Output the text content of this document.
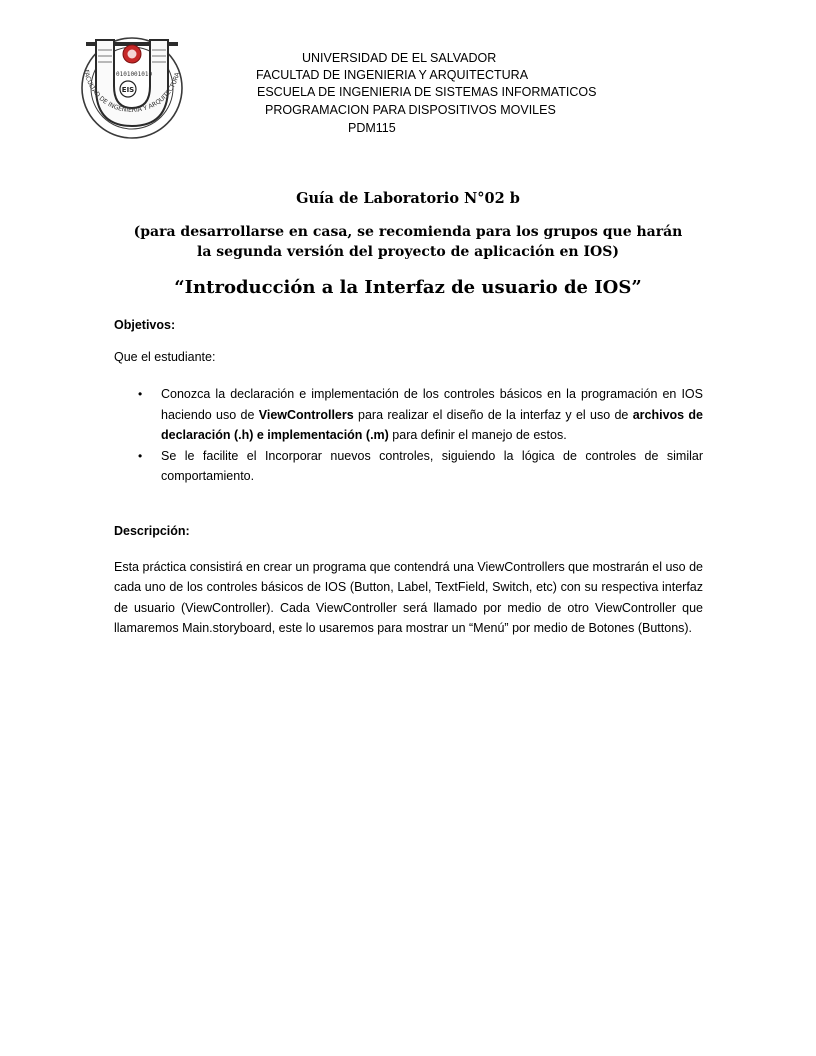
01010 01010
EIS
FACULTAD DE INGENIERIA Y ARQUITECTURA
UNIVERSIDAD DE EL SALVADOR
FACULTAD DE INGENIERIA Y ARQUITECTURA
ESCUELA DE INGENIERIA DE SISTEMAS INFORMATICOS
PROGRAMACION PARA DISPOSITIVOS MOVILES
PDM115
Guía de Laboratorio N°02 b
(para desarrollarse en casa, se recomienda para los grupos que harán
la segunda versión del proyecto de aplicación en IOS)
“Introducción a la Interfaz de usuario de IOS”
Objetivos:
Que el estudiante:
• Conozca la declaración e implementación de los controles básicos en la programación en IOS haciendo uso de ViewControllers para realizar el diseño de la interfaz y el uso de archivos de declaración (.h) e implementación (.m) para definir el manejo de estos.
• Se le facilite el Incorporar nuevos controles, siguiendo la lógica de controles de similar comportamiento.
Descripción:

Esta práctica consistirá en crear un programa que contendrá una ViewControllers que mostrarán el uso de cada uno de los controles básicos de IOS (Button, Label, TextField, Switch, etc) con su respectiva interfaz de usuario (ViewController). Cada ViewController será llamado por medio de otro ViewController que llamaremos Main.storyboard, este lo usaremos para mostrar un “Menú” por medio de Botones (Buttons).
